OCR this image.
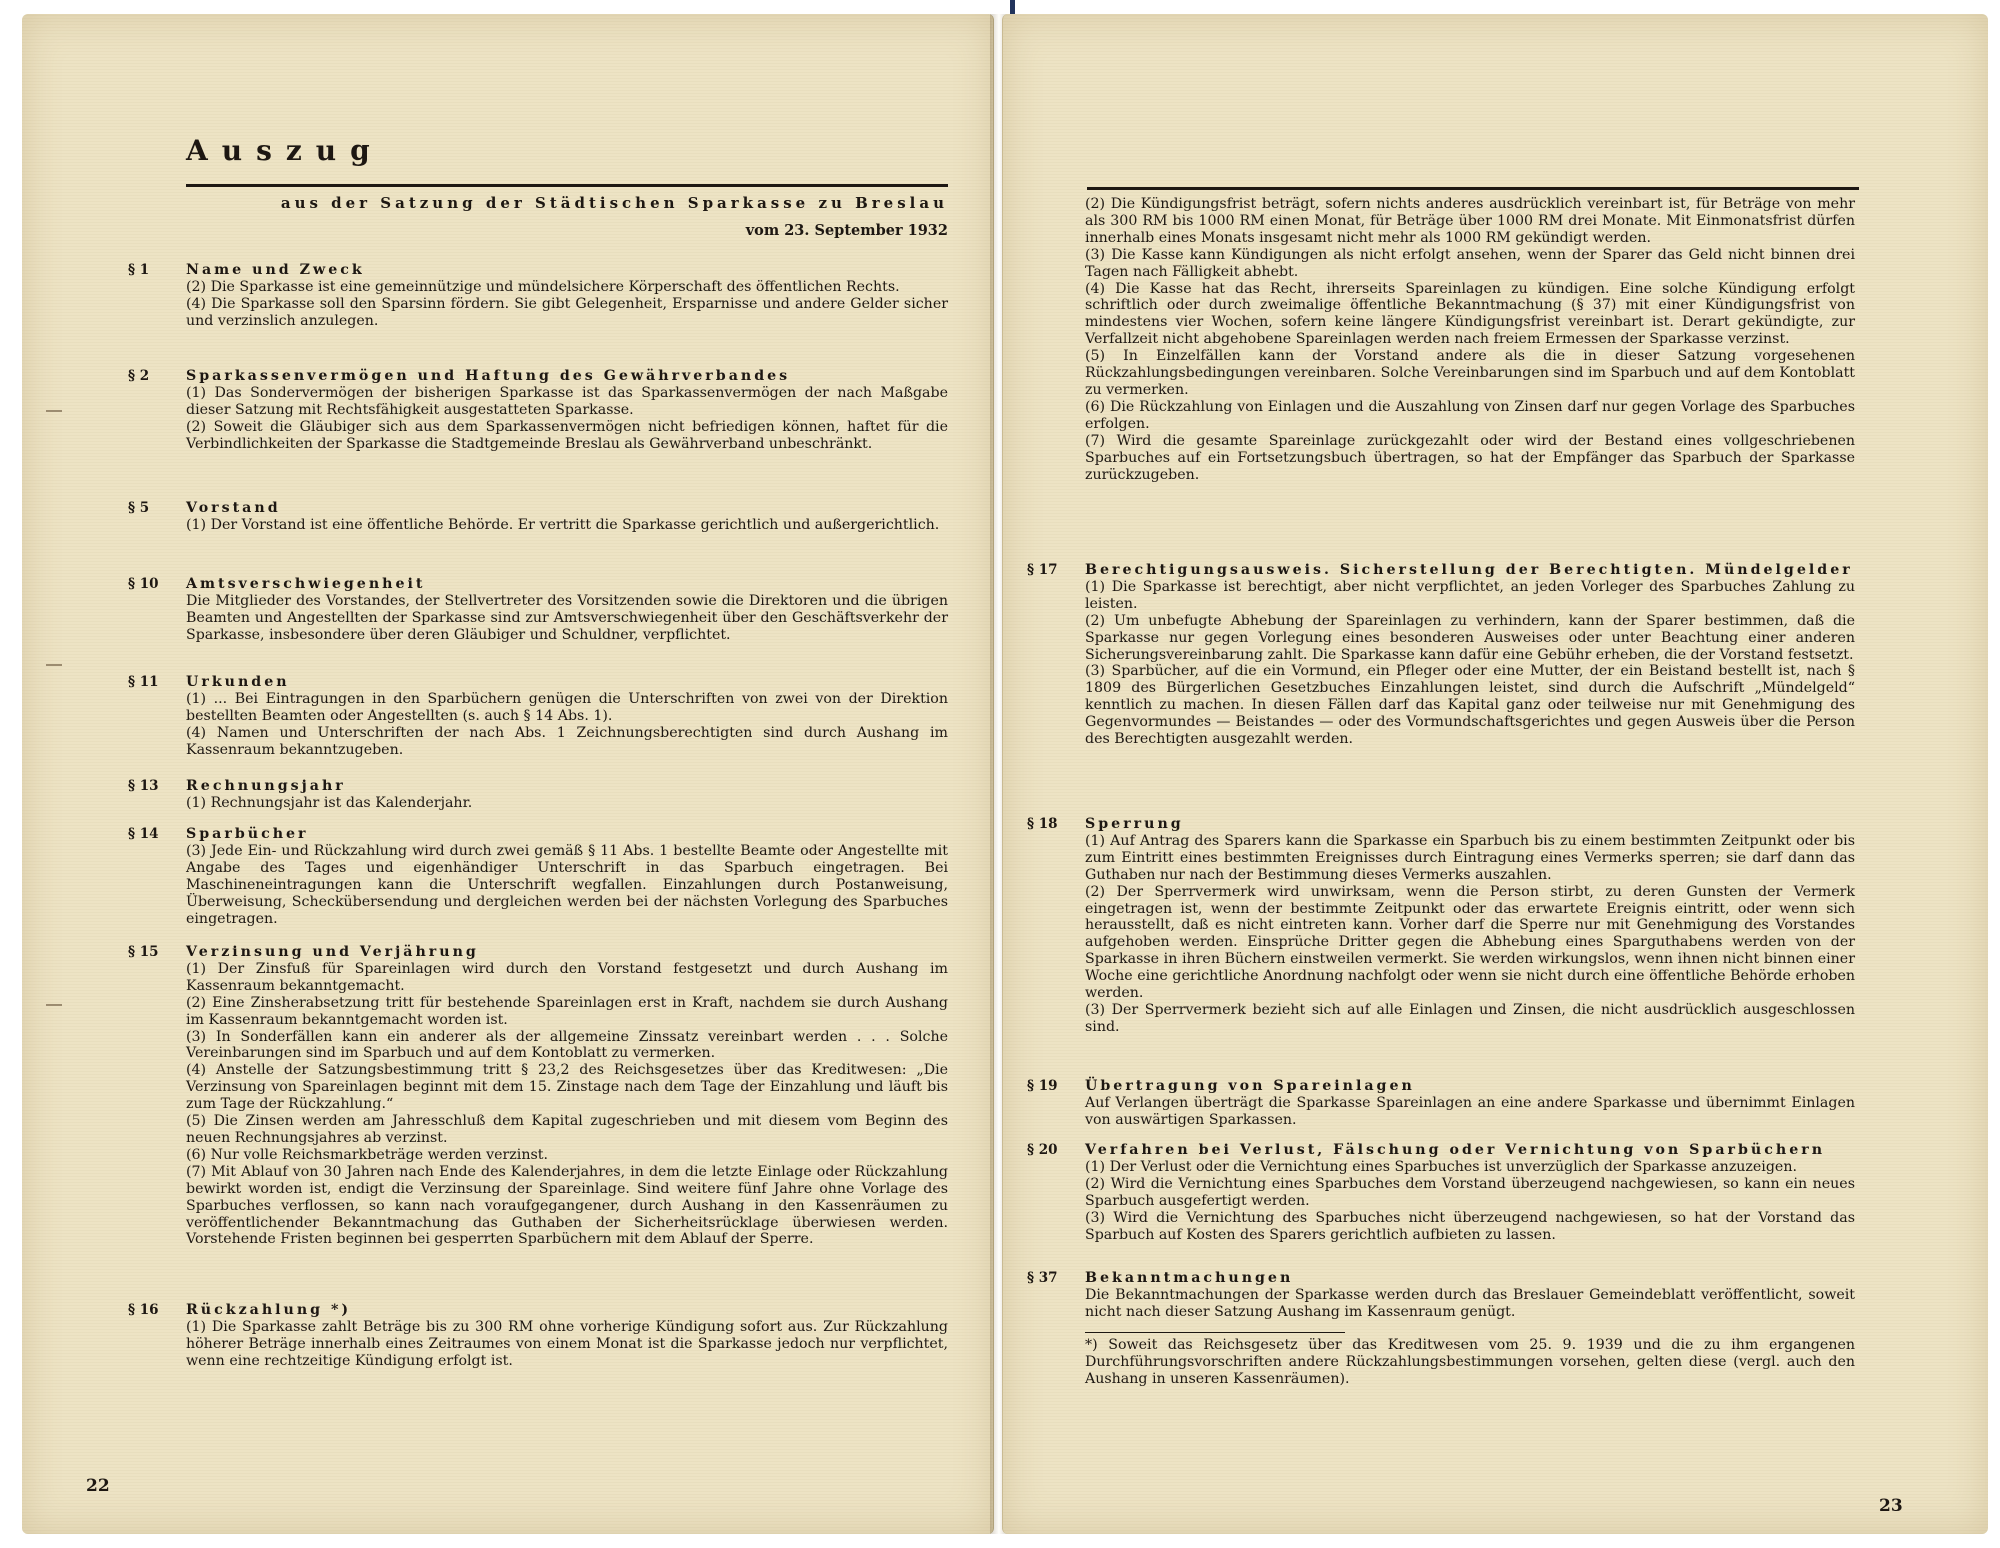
Auszug
aus der Satzung der Städtischen Sparkasse zu Breslau
vom 23. September 1932
§ 1	Name und Zweck
(2) Die Sparkasse ist eine gemeinnützige und mündelsichere Körperschaft des öffentlichen Rechts.
(4) Die Sparkasse soll den Sparsinn fördern. Sie gibt Gelegenheit, Ersparnisse und andere Gelder sicher und verzinslich anzulegen.
§ 2	Sparkassenvermögen und Haftung des Gewährverbandes
(1) Das Sondervermögen der bisherigen Sparkasse ist das Sparkassenvermögen der nach Maßgabe dieser Satzung mit Rechtsfähigkeit ausgestatteten Sparkasse.
(2) Soweit die Gläubiger sich aus dem Sparkassenvermögen nicht befriedigen können, haftet für die Verbindlichkeiten der Sparkasse die Stadtgemeinde Breslau als Gewährverband unbeschränkt.
§ 5	Vorstand
(1) Der Vorstand ist eine öffentliche Behörde. Er vertritt die Sparkasse gerichtlich und außergerichtlich.
§ 10	Amtsverschwiegenheit
Die Mitglieder des Vorstandes, der Stellvertreter des Vorsitzenden sowie die Direktoren und die übrigen Beamten und Angestellten der Sparkasse sind zur Amtsverschwiegenheit über den Geschäftsverkehr der Sparkasse, insbesondere über deren Gläubiger und Schuldner, verpflichtet.
§ 11	Urkunden
(1) ... Bei Eintragungen in den Sparbüchern genügen die Unterschriften von zwei von der Direktion bestellten Beamten oder Angestellten (s. auch § 14 Abs. 1).
(4) Namen und Unterschriften der nach Abs. 1 Zeichnungsberechtigten sind durch Aushang im Kassenraum bekanntzugeben.
§ 13	Rechnungsjahr
(1) Rechnungsjahr ist das Kalenderjahr.
§ 14	Sparbücher
(3) Jede Ein- und Rückzahlung wird durch zwei gemäß § 11 Abs. 1 bestellte Beamte oder Angestellte mit Angabe des Tages und eigenhändiger Unterschrift in das Sparbuch eingetragen. Bei Maschineneintragungen kann die Unterschrift wegfallen. Einzahlungen durch Postanweisung, Überweisung, Scheckübersendung und dergleichen werden bei der nächsten Vorlegung des Sparbuches eingetragen.
§ 15	Verzinsung und Verjährung
(1) Der Zinsfuß für Spareinlagen wird durch den Vorstand festgesetzt und durch Aushang im Kassenraum bekanntgemacht.
(2) Eine Zinsherabsetzung tritt für bestehende Spareinlagen erst in Kraft, nachdem sie durch Aushang im Kassenraum bekanntgemacht worden ist.
(3) In Sonderfällen kann ein anderer als der allgemeine Zinssatz vereinbart werden . . . Solche Vereinbarungen sind im Sparbuch und auf dem Kontoblatt zu vermerken.
(4) Anstelle der Satzungsbestimmung tritt § 23,2 des Reichsgesetzes über das Kreditwesen: „Die Verzinsung von Spareinlagen beginnt mit dem 15. Zinstage nach dem Tage der Einzahlung und läuft bis zum Tage der Rückzahlung.“
(5) Die Zinsen werden am Jahresschluß dem Kapital zugeschrieben und mit diesem vom Beginn des neuen Rechnungsjahres ab verzinst.
(6) Nur volle Reichsmarkbeträge werden verzinst.
(7) Mit Ablauf von 30 Jahren nach Ende des Kalenderjahres, in dem die letzte Einlage oder Rückzahlung bewirkt worden ist, endigt die Verzinsung der Spareinlage. Sind weitere fünf Jahre ohne Vorlage des Sparbuches verflossen, so kann nach voraufgegangener, durch Aushang in den Kassenräumen zu veröffentlichender Bekanntmachung das Guthaben der Sicherheitsrücklage überwiesen werden. Vorstehende Fristen beginnen bei gesperrten Sparbüchern mit dem Ablauf der Sperre.
§ 16	Rückzahlung *)
(1) Die Sparkasse zahlt Beträge bis zu 300 RM ohne vorherige Kündigung sofort aus. Zur Rückzahlung höherer Beträge innerhalb eines Zeitraumes von einem Monat ist die Sparkasse jedoch nur verpflichtet, wenn eine rechtzeitige Kündigung erfolgt ist.
22
(2) Die Kündigungsfrist beträgt, sofern nichts anderes ausdrücklich vereinbart ist, für Beträge von mehr als 300 RM bis 1000 RM einen Monat, für Beträge über 1000 RM drei Monate. Mit Einmonatsfrist dürfen innerhalb eines Monats insgesamt nicht mehr als 1000 RM gekündigt werden.
(3) Die Kasse kann Kündigungen als nicht erfolgt ansehen, wenn der Sparer das Geld nicht binnen drei Tagen nach Fälligkeit abhebt.
(4) Die Kasse hat das Recht, ihrerseits Spareinlagen zu kündigen. Eine solche Kündigung erfolgt schriftlich oder durch zweimalige öffentliche Bekanntmachung (§ 37) mit einer Kündigungsfrist von mindestens vier Wochen, sofern keine längere Kündigungsfrist vereinbart ist. Derart gekündigte, zur Verfallzeit nicht abgehobene Spareinlagen werden nach freiem Ermessen der Sparkasse verzinst.
(5) In Einzelfällen kann der Vorstand andere als die in dieser Satzung vorgesehenen Rückzahlungsbedingungen vereinbaren. Solche Vereinbarungen sind im Sparbuch und auf dem Kontoblatt zu vermerken.
(6) Die Rückzahlung von Einlagen und die Auszahlung von Zinsen darf nur gegen Vorlage des Sparbuches erfolgen.
(7) Wird die gesamte Spareinlage zurückgezahlt oder wird der Bestand eines vollgeschriebenen Sparbuches auf ein Fortsetzungsbuch übertragen, so hat der Empfänger das Sparbuch der Sparkasse zurückzugeben.
§ 17	Berechtigungsausweis. Sicherstellung der Berechtigten. Mündelgelder
(1) Die Sparkasse ist berechtigt, aber nicht verpflichtet, an jeden Vorleger des Sparbuches Zahlung zu leisten.
(2) Um unbefugte Abhebung der Spareinlagen zu verhindern, kann der Sparer bestimmen, daß die Sparkasse nur gegen Vorlegung eines besonderen Ausweises oder unter Beachtung einer anderen Sicherungsvereinbarung zahlt. Die Sparkasse kann dafür eine Gebühr erheben, die der Vorstand festsetzt.
(3) Sparbücher, auf die ein Vormund, ein Pfleger oder eine Mutter, der ein Beistand bestellt ist, nach § 1809 des Bürgerlichen Gesetzbuches Einzahlungen leistet, sind durch die Aufschrift „Mündelgeld“ kenntlich zu machen. In diesen Fällen darf das Kapital ganz oder teilweise nur mit Genehmigung des Gegenvormundes — Beistandes — oder des Vormundschaftsgerichtes und gegen Ausweis über die Person des Berechtigten ausgezahlt werden.
§ 18	Sperrung
(1) Auf Antrag des Sparers kann die Sparkasse ein Sparbuch bis zu einem bestimmten Zeitpunkt oder bis zum Eintritt eines bestimmten Ereignisses durch Eintragung eines Vermerks sperren; sie darf dann das Guthaben nur nach der Bestimmung dieses Vermerks auszahlen.
(2) Der Sperrvermerk wird unwirksam, wenn die Person stirbt, zu deren Gunsten der Vermerk eingetragen ist, wenn der bestimmte Zeitpunkt oder das erwartete Ereignis eintritt, oder wenn sich herausstellt, daß es nicht eintreten kann. Vorher darf die Sperre nur mit Genehmigung des Vorstandes aufgehoben werden. Einsprüche Dritter gegen die Abhebung eines Sparguthabens werden von der Sparkasse in ihren Büchern einstweilen vermerkt. Sie werden wirkungslos, wenn ihnen nicht binnen einer Woche eine gerichtliche Anordnung nachfolgt oder wenn sie nicht durch eine öffentliche Behörde erhoben werden.
(3) Der Sperrvermerk bezieht sich auf alle Einlagen und Zinsen, die nicht ausdrücklich ausgeschlossen sind.
§ 19	Übertragung von Spareinlagen
Auf Verlangen überträgt die Sparkasse Spareinlagen an eine andere Sparkasse und übernimmt Einlagen von auswärtigen Sparkassen.
§ 20	Verfahren bei Verlust, Fälschung oder Vernichtung von Sparbüchern
(1) Der Verlust oder die Vernichtung eines Sparbuches ist unverzüglich der Sparkasse anzuzeigen.
(2) Wird die Vernichtung eines Sparbuches dem Vorstand überzeugend nachgewiesen, so kann ein neues Sparbuch ausgefertigt werden.
(3) Wird die Vernichtung des Sparbuches nicht überzeugend nachgewiesen, so hat der Vorstand das Sparbuch auf Kosten des Sparers gerichtlich aufbieten zu lassen.
§ 37	Bekanntmachungen
Die Bekanntmachungen der Sparkasse werden durch das Breslauer Gemeindeblatt veröffentlicht, soweit nicht nach dieser Satzung Aushang im Kassenraum genügt.
*) Soweit das Reichsgesetz über das Kreditwesen vom 25. 9. 1939 und die zu ihm ergangenen Durchführungsvorschriften andere Rückzahlungsbestimmungen vorsehen, gelten diese (vergl. auch den Aushang in unseren Kassenräumen).
23
